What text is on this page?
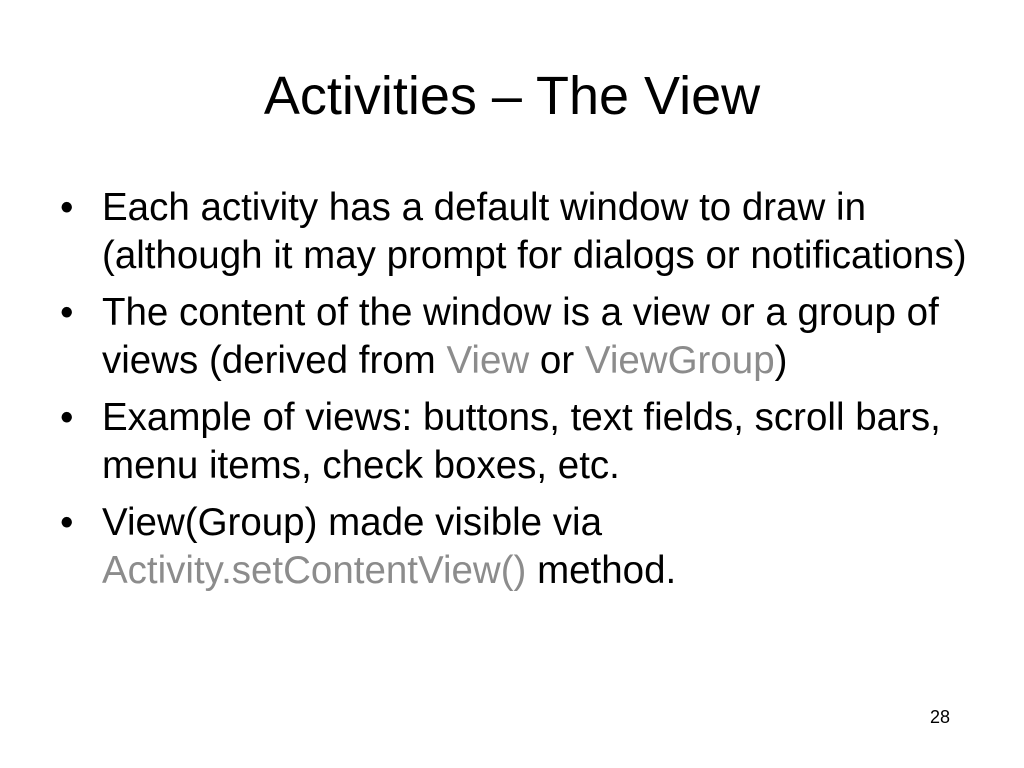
Activities – The View
• Each activity has a default window to draw in (although it may prompt for dialogs or notifications)
• The content of the window is a view or a group of views (derived from View or ViewGroup)
• Example of views: buttons, text fields, scroll bars, menu items, check boxes, etc.
• View(Group) made visible via Activity.setContentView() method.
28
